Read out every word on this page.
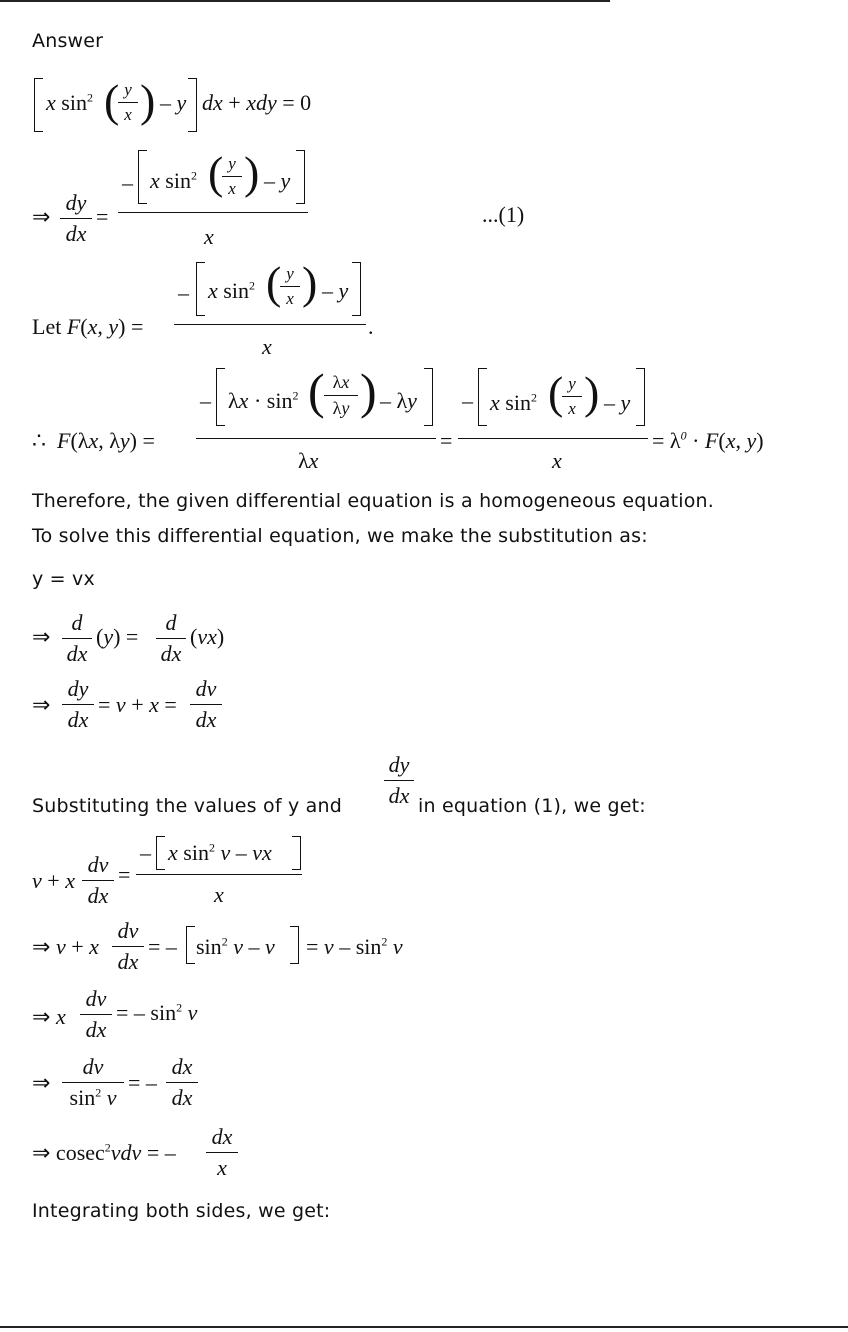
Answer
x $\sin^2$ (
$\frac{y}{x}$ ) – y dx + xdy = 0
⇒ $\frac{dy}{dx}$ =
– x $\sin^2$ (
$\frac{y}{x}$ ) – y
x
...(1)
Let F(x, y) =
– x $\sin^2$ (
$\frac{y}{x}$ ) – y
.
x
∴  F(λx, λy) =
– $\lambda x \cdot \sin^2$ ( $\frac{\lambda x}{\lambda y}$ ) – λy
λx
=
– x $\sin^2$ (
$\frac{y}{x}$ ) – y
x
= $\lambda^0 \cdot F(x$, y)
Therefore, the given differential equation is a homogeneous equation.
To solve this differential equation, we make the substitution as:
y = vx
⇒ $\frac{d}{dx} (y) = \frac{d}{dx} (vx)$
⇒ $\frac{dy}{dx} = v + x = \frac{dv}{dx}$
$\frac{dy}{dx}$
Substituting the values of y and	in equation (1), we get:
v + x $\frac{dv}{dx}$ =
– x $\sin^2 v$ – vx
x
⇒ v + x $\frac{dv}{dx}$ = – $\sin^2 v - v = v - \sin^2 v$
⇒ x $\frac{dv}{dx}$ = – $\sin^2 v$
⇒ $\frac{dv}{\sin^2 v}$ = – $\frac{dx}{dx}$
⇒ cosec$^2$vdv = – $\frac{dx}{x}$
Integrating both sides, we get:
